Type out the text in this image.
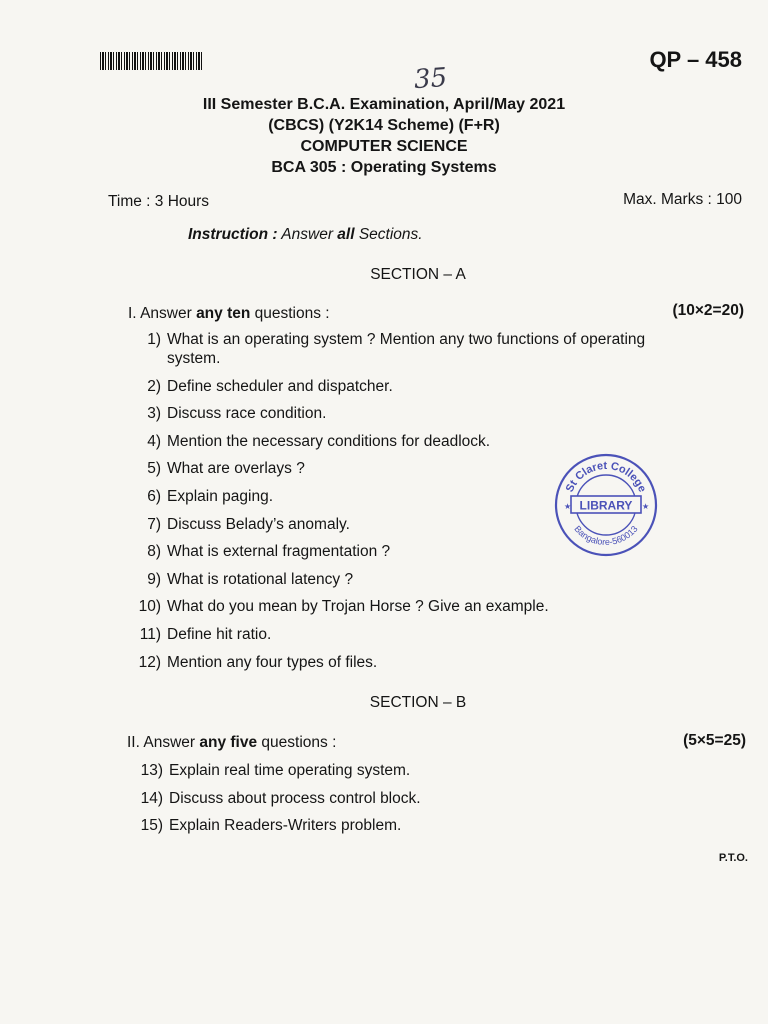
QP – 458
35
III Semester B.C.A. Examination, April/May 2021
(CBCS) (Y2K14 Scheme) (F+R)
COMPUTER SCIENCE
BCA 305 : Operating Systems
Time : 3 Hours	Max. Marks : 100
Instruction : Answer all Sections.
SECTION – A
I. Answer any ten questions :	(10×2=20)
1) What is an operating system ? Mention any two functions of operating
system.
2) Define scheduler and dispatcher.
3) Discuss race condition.
4) Mention the necessary conditions for deadlock.
5) What are overlays ?
6) Explain paging.
7) Discuss Belady’s anomaly.
8) What is external fragmentation ?
9) What is rotational latency ?
10) What do you mean by Trojan Horse ? Give an example.
11) Define hit ratio.
12) Mention any four types of files.
SECTION – B
II. Answer any five questions :	(5×5=25)
13) Explain real time operating system.
14) Discuss about process control block.
15) Explain Readers-Writers problem.
P.T.O.
St Claret College
LIBRARY
★	★
Bangalore-560013
